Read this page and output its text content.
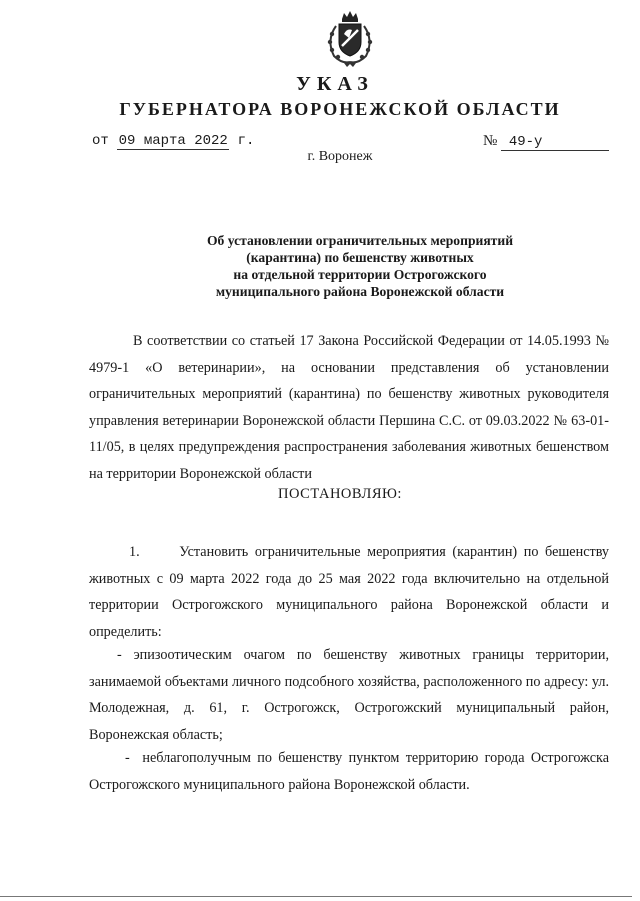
УКАЗ
ГУБЕРНАТОРА ВОРОНЕЖСКОЙ ОБЛАСТИ
от 09 марта 2022 г.	№ 49-у
г. Воронеж
Об установлении ограничительных мероприятий
(карантина) по бешенству животных
на отдельной территории Острогожского
муниципального района Воронежской области

В соответствии со статьей 17 Закона Российской Федерации от 14.05.1993 № 4979-1 «О ветеринарии», на основании представления об установлении ограничительных мероприятий (карантина) по бешенству животных руководителя управления ветеринарии Воронежской области Першина С.С. от 09.03.2022 № 63-01-11/05, в целях предупреждения распространения заболевания животных бешенством на территории Воронежской области

ПОСТАНОВЛЯЮ:

1.      Установить ограничительные мероприятия (карантин) по бешенству животных с 09 марта 2022 года до 25 мая 2022 года включительно на отдельной территории Острогожского муниципального района Воронежской области и определить:

- эпизоотическим очагом по бешенству животных границы территории, занимаемой объектами личного подсобного хозяйства, расположенного по адресу: ул. Молодежная, д. 61, г. Острогожск, Острогожский муниципальный район, Воронежская область;

-  неблагополучным по бешенству пунктом территорию города Острогожска Острогожского муниципального района Воронежской области.
